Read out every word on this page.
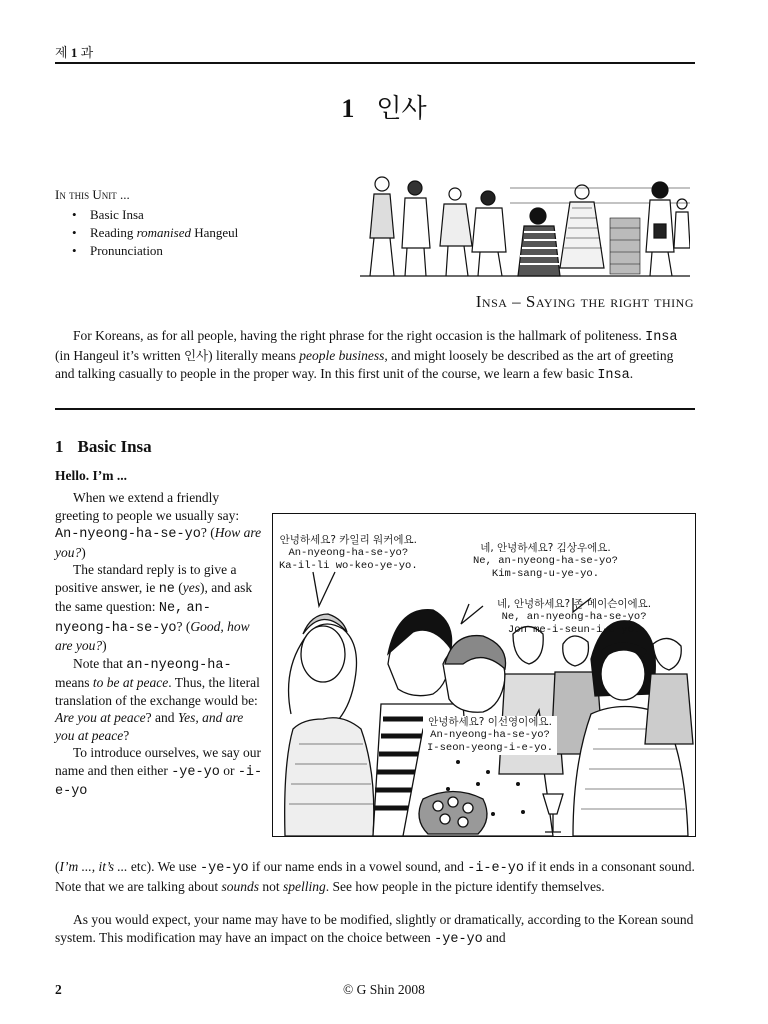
제 1 과
1 인사
In this Unit ...
• Basic Insa
• Reading romanised Hangeul
• Pronunciation
Insa – Saying the right thing

For Koreans, as for all people, having the right phrase for the right occasion is the hallmark of politeness. Insa (in Hangeul it’s written 인사) literally means people business, and might loosely be described as the art of greeting and talking casually to people in the proper way. In this first unit of the course, we learn a few basic Insa.

1 Basic Insa
Hello. I’m ...

When we extend a friendly greeting to people we usually say: An-nyeong-ha-se-yo? (How are you?)

The standard reply is to give a positive answer, ie ne (yes), and ask the same question: Ne, an-nyeong-ha-se-yo? (Good, how are you?)

Note that an-nyeong-ha- means to be at peace. Thus, the literal translation of the exchange would be: Are you at peace? and Yes, and are you at peace?

To introduce ourselves, we say our name and then either -ye-yo or -i-e-yo

안녕하세요? 카일리 워커에요.
An-nyeong-ha-se-yo?
Ka-il-li wo-keo-ye-yo.
네, 안녕하세요? 김상우에요.
Ne, an-nyeong-ha-se-yo?
Kim-sang-u-ye-yo.
네, 안녕하세요? 존 메이슨이에요.
Ne, an-nyeong-ha-se-yo?
Jon me-i-seun-i-e-yo.
안녕하세요? 이선영이에요.
An-nyeong-ha-se-yo?
I-seon-yeong-i-e-yo.

(I’m ..., it’s ... etc). We use -ye-yo if our name ends in a vowel sound, and -i-e-yo if it ends in a consonant sound. Note that we are talking about sounds not spelling. See how people in the picture identify themselves.

As you would expect, your name may have to be modified, slightly or dramatically, according to the Korean sound system. This modification may have an impact on the choice between -ye-yo and

2	© G Shin 2008
